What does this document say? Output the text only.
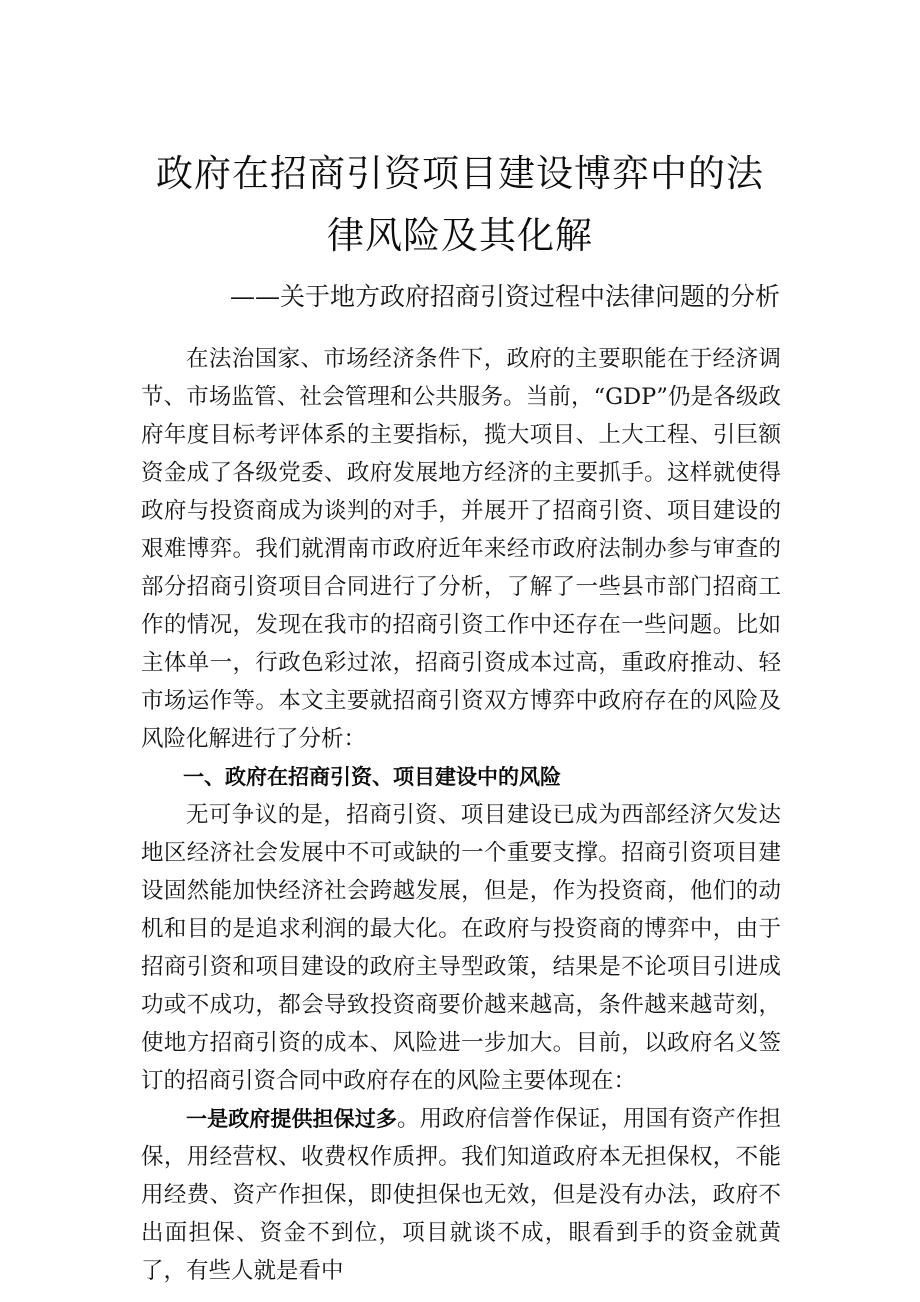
政府在招商引资项目建设博弈中的法律风险及其化解
——关于地方政府招商引资过程中法律问题的分析

在法治国家、市场经济条件下，政府的主要职能在于经济调节、市场监管、社会管理和公共服务。当前，“GDP”仍是各级政府年度目标考评体系的主要指标，揽大项目、上大工程、引巨额资金成了各级党委、政府发展地方经济的主要抓手。这样就使得政府与投资商成为谈判的对手，并展开了招商引资、项目建设的艰难博弈。我们就渭南市政府近年来经市政府法制办参与审查的部分招商引资项目合同进行了分析，了解了一些县市部门招商工作的情况，发现在我市的招商引资工作中还存在一些问题。比如主体单一，行政色彩过浓，招商引资成本过高，重政府推动、轻市场运作等。本文主要就招商引资双方博弈中政府存在的风险及风险化解进行了分析：

一、政府在招商引资、项目建设中的风险

无可争议的是，招商引资、项目建设已成为西部经济欠发达地区经济社会发展中不可或缺的一个重要支撑。招商引资项目建设固然能加快经济社会跨越发展，但是，作为投资商，他们的动机和目的是追求利润的最大化。在政府与投资商的博弈中，由于招商引资和项目建设的政府主导型政策，结果是不论项目引进成功或不成功，都会导致投资商要价越来越高，条件越来越苛刻，使地方招商引资的成本、风险进一步加大。目前，以政府名义签订的招商引资合同中政府存在的风险主要体现在：

一是政府提供担保过多。用政府信誉作保证，用国有资产作担保，用经营权、收费权作质押。我们知道政府本无担保权，不能用经费、资产作担保，即使担保也无效，但是没有办法，政府不出面担保、资金不到位，项目就谈不成，眼看到手的资金就黄了，有些人就是看中
